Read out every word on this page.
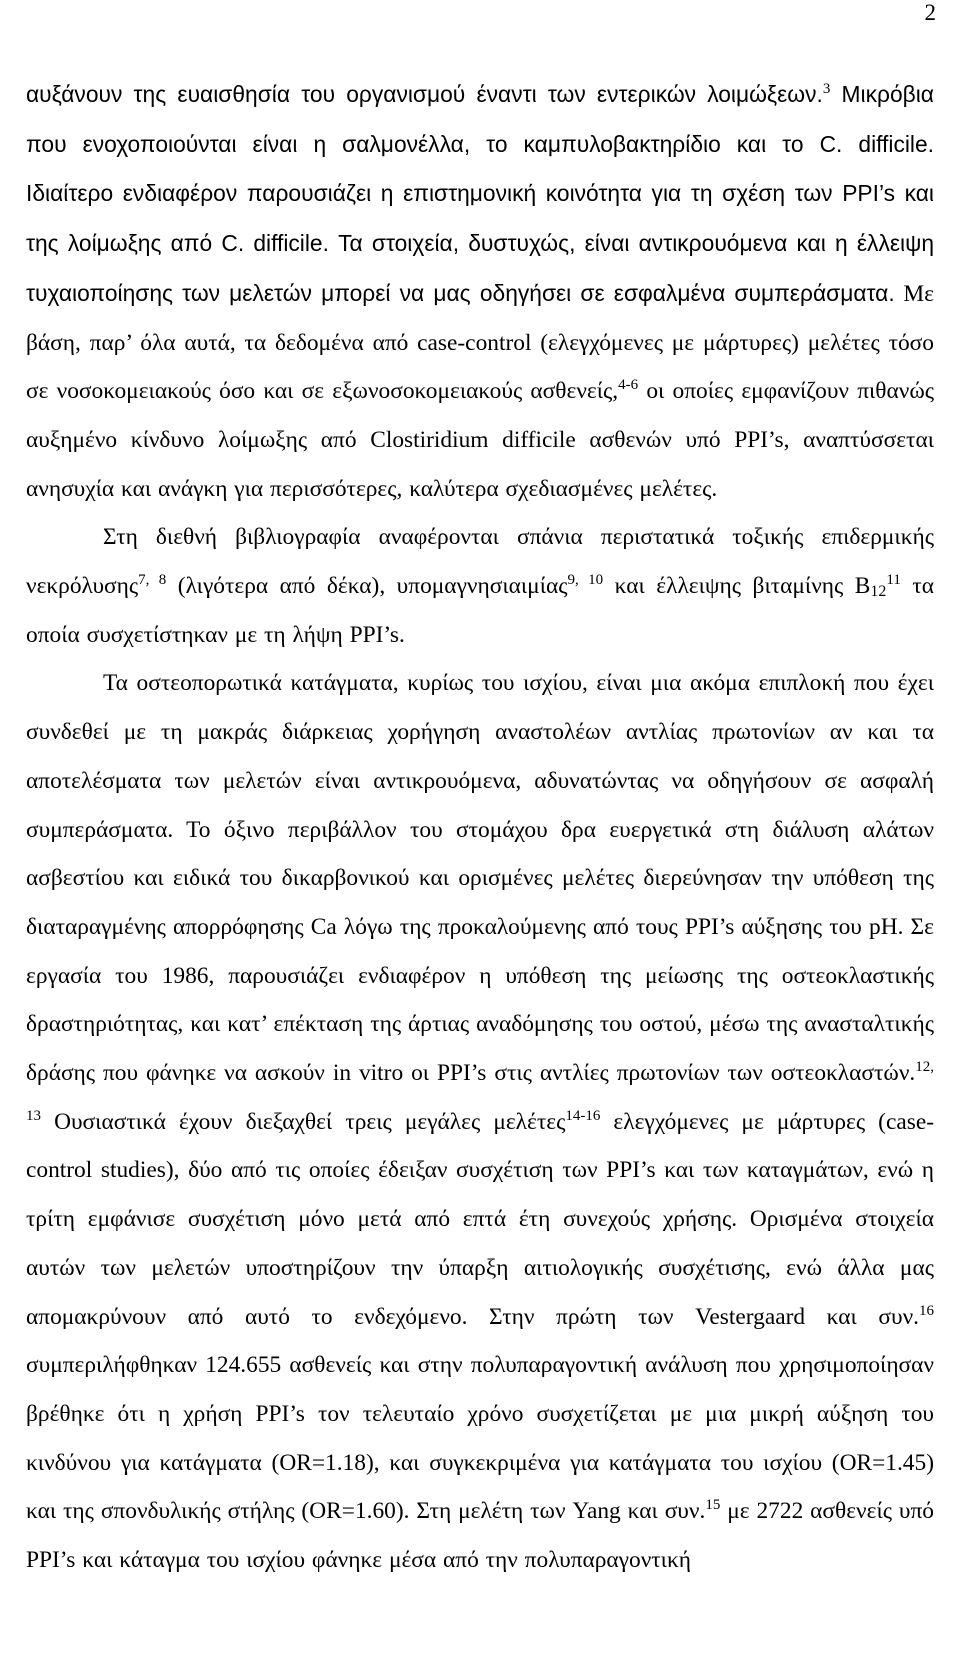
2

αυξάνουν της ευαισθησία του οργανισμού έναντι των εντερικών λοιμώξεων.$^3$ Μικρόβια που ενοχοποιούνται είναι η σαλμονέλλα, το καμπυλοβακτηρίδιο και το C. difficile. Ιδιαίτερο ενδιαφέρον παρουσιάζει η επιστημονική κοινότητα για τη σχέση των PPI’s και της λοίμωξης από C. difficile. Τα στοιχεία, δυστυχώς, είναι αντικρουόμενα και η έλλειψη τυχαιοποίησης των μελετών μπορεί να μας οδηγήσει σε εσφαλμένα συμπεράσματα. Με βάση, παρ’ όλα αυτά, τα δεδομένα από case-control (ελεγχόμενες με μάρτυρες) μελέτες τόσο σε νοσοκομειακούς όσο και σε εξωνοσοκομειακούς ασθενείς,$^{4-6}$ οι οποίες εμφανίζουν πιθανώς αυξημένο κίνδυνο λοίμωξης από Clostiridium difficile ασθενών υπό PPI’s, αναπτύσσεται ανησυχία και ανάγκη για περισσότερες, καλύτερα σχεδιασμένες μελέτες.

Στη διεθνή βιβλιογραφία αναφέρονται σπάνια περιστατικά τοξικής επιδερμικής νεκρόλυσης$^{7, 8}$ (λιγότερα από δέκα), υπομαγνησιαιμίας$^{9, 10}$ και έλλειψης βιταμίνης $B_{12}^{11}$ τα οποία συσχετίστηκαν με τη λήψη PPI’s.

Τα οστεοπορωτικά κατάγματα, κυρίως του ισχίου, είναι μια ακόμα επιπλοκή που έχει συνδεθεί με τη μακράς διάρκειας χορήγηση αναστολέων αντλίας πρωτονίων αν και τα αποτελέσματα των μελετών είναι αντικρουόμενα, αδυνατώντας να οδηγήσουν σε ασφαλή συμπεράσματα. Το όξινο περιβάλλον του στομάχου δρα ευεργετικά στη διάλυση αλάτων ασβεστίου και ειδικά του δικαρβονικού και ορισμένες μελέτες διερεύνησαν την υπόθεση της διαταραγμένης απορρόφησης Ca λόγω της προκαλούμενης από τους PPI’s αύξησης του pH. Σε εργασία του 1986, παρουσιάζει ενδιαφέρον η υπόθεση της μείωσης της οστεοκλαστικής δραστηριότητας, και κατ’ επέκταση της άρτιας αναδόμησης του οστού, μέσω της ανασταλτικής δράσης που φάνηκε να ασκούν in vitro οι PPI’s στις αντλίες πρωτονίων των οστεοκλαστών.$^{12, 13}$ Ουσιαστικά έχουν διεξαχθεί τρεις μεγάλες μελέτες$^{14-16}$ ελεγχόμενες με μάρτυρες (case-control studies), δύο από τις οποίες έδειξαν συσχέτιση των PPI’s και των καταγμάτων, ενώ η τρίτη εμφάνισε συσχέτιση μόνο μετά από επτά έτη συνεχούς χρήσης. Ορισμένα στοιχεία αυτών των μελετών υποστηρίζουν την ύπαρξη αιτιολογικής συσχέτισης, ενώ άλλα μας απομακρύνουν από αυτό το ενδεχόμενο. Στην πρώτη των Vestergaard και συν.$^{16}$ συμπεριλήφθηκαν 124.655 ασθενείς και στην πολυπαραγοντική ανάλυση που χρησιμοποίησαν βρέθηκε ότι η χρήση PPI’s τον τελευταίο χρόνο συσχετίζεται με μια μικρή αύξηση του κινδύνου για κατάγματα (OR=1.18), και συγκεκριμένα για κατάγματα του ισχίου (OR=1.45) και της σπονδυλικής στήλης (OR=1.60). Στη μελέτη των Yang και συν.$^{15}$ με 2722 ασθενείς υπό PPI’s και κάταγμα του ισχίου φάνηκε μέσα από την πολυπαραγοντική
